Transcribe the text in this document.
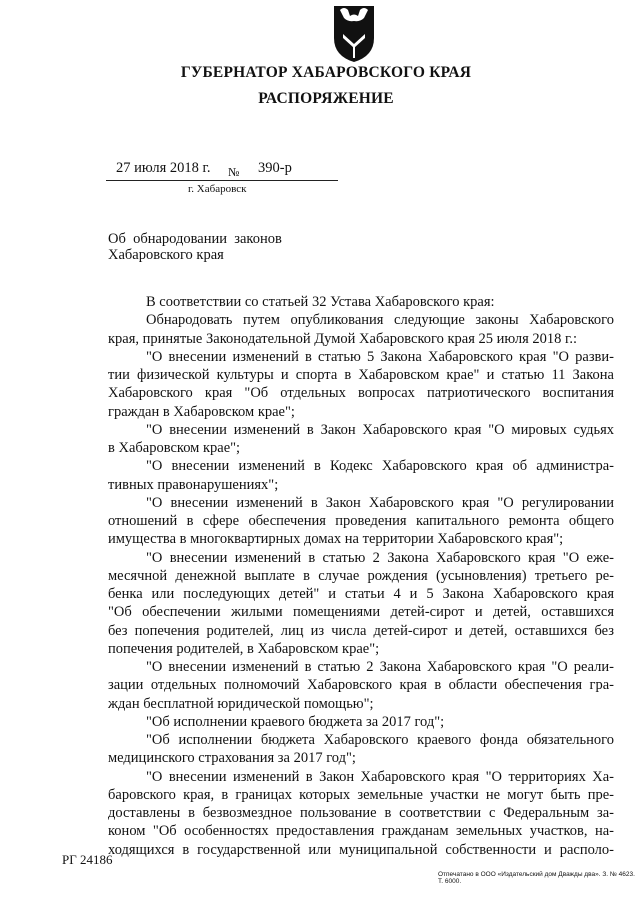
ГУБЕРНАТОР ХАБАРОВСКОГО КРАЯ
РАСПОРЯЖЕНИЕ
27 июля 2018 г. № 390-р
г. Хабаровск
Об  обнародовании  законов
Хабаровского края
В соответствии со статьей 32 Устава Хабаровского края:
Обнародовать путем опубликования следующие законы Хабаровского
края, принятые Законодательной Думой Хабаровского края 25 июля 2018 г.:
"О внесении изменений в статью 5 Закона Хабаровского края "О разви-
тии физической культуры и спорта в Хабаровском крае" и статью 11 Закона
Хабаровского края "Об отдельных вопросах патриотического воспитания
граждан в Хабаровском крае";
"О внесении изменений в Закон Хабаровского края "О мировых судьях
в Хабаровском крае";
"О внесении изменений в Кодекс Хабаровского края об администра-
тивных правонарушениях";
"О внесении изменений в Закон Хабаровского края "О регулировании
отношений в сфере обеспечения проведения капитального ремонта общего
имущества в многоквартирных домах на территории Хабаровского края";
"О внесении изменений в статью 2 Закона Хабаровского края "О еже-
месячной денежной выплате в случае рождения (усыновления) третьего ре-
бенка или последующих детей" и статьи 4 и 5 Закона Хабаровского края
"Об обеспечении жилыми помещениями детей-сирот и детей, оставшихся
без попечения родителей, лиц из числа детей-сирот и детей, оставшихся без
попечения родителей, в Хабаровском крае";
"О внесении изменений в статью 2 Закона Хабаровского края "О реали-
зации отдельных полномочий Хабаровского края в области обеспечения гра-
ждан бесплатной юридической помощью";
"Об исполнении краевого бюджета за 2017 год";
"Об исполнении бюджета Хабаровского краевого фонда обязательного
медицинского страхования за 2017 год";
"О внесении изменений в Закон Хабаровского края "О территориях Ха-
баровского края, в границах которых земельные участки не могут быть пре-
доставлены в безвозмездное пользование в соответствии с Федеральным за-
коном "Об особенностях предоставления гражданам земельных участков, на-
ходящихся в государственной или муниципальной собственности и располо-
РГ 24186
Отпечатано в ООО «Издательский дом Дважды два». З. № 4623. Т. 6000.
